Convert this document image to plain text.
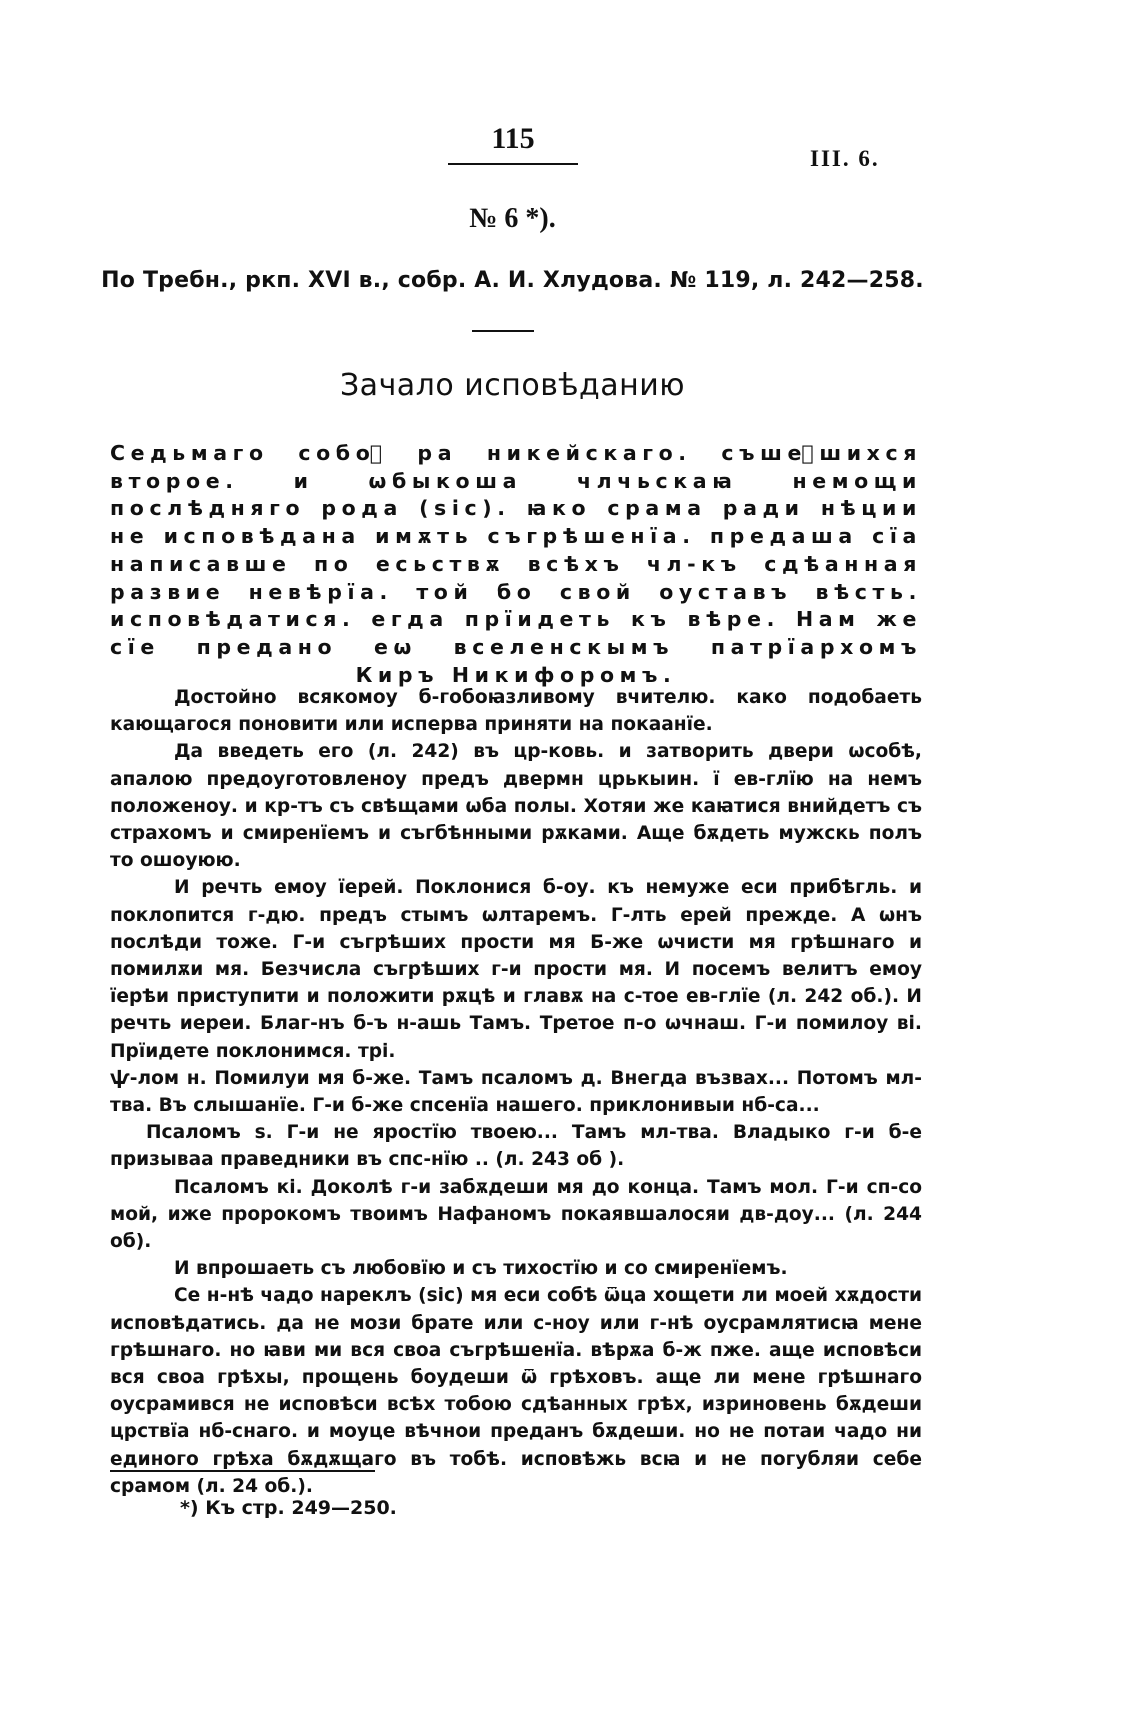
115
III. 6.
№ 6 *).
По Требн., ркп. XVI в., собр. А. И. Хлудова. № 119, л. 242—258.
Зачало исповѣданию
Седьмаго собоᷪ ра никейскаго. съшеⷣшихся второе. и ѡбыкоша члчьскаꙗ немощи послѣдняго рода (sic). ꙗко срама ради нѣции не исповѣдана имѫть съгрѣшенїа. предаша сїа написавше по есьствѫ всѣхъ чл-къ сдѣанная развие невѣрїа. той бо свой оуставъ вѣсть. исповѣдатися. егда прїидеть къ вѣре. Нам же сїе предано еѡ вселенскымъ патрїархомъ Киръ Никифоромъ.

Достойно всякомоу б-гобоꙗзливому вчителю. како подобаеть кающагося поновити или исперва приняти на покаанїе.

Да введеть его (л. 242) въ цр-ковь. и затворить двери ѡсобѣ, апалою предоуготовленоу предъ двермн црькыин. ї ев-глїю на немъ положеноу. и кр-тъ съ свѣщами ѡба полы. Хотяи же каꙗтися внийдетъ съ страхомъ и смиренїемъ и съгбѣнными рѫками. Аще бѫдеть мужскь полъ то ошоуюю.

И речть емоу їерей. Поклонися б-оу. къ немуже еси прибѣгль. и поклопится г-дю. предъ стымъ ѡлтаремъ. Г-лть ерей прежде. А ѡнъ послѣди тоже. Г-и съгрѣших прости мя Б-же ѡчисти мя грѣшнаго и помилѫи мя. Безчисла съгрѣших г-и прости мя. И посемъ велитъ емоу їерѣи приступити и положити рѫцѣ и главѫ на с-тое ев-глїе (л. 242 об.). И речть иереи. Благ-нъ б-ъ н-ашь Тамъ. Третое п-о ѡчнаш. Г-и помилоу ві. Прїидете поклонимся. трі.

ѱ-лом н. Помилуи мя б-же. Тамъ псаломъ д. Внегда възвах... Потомъ мл-тва. Въ слышанїе. Г-и б-же спсенїа нашего. приклонивыи нб-са...

Псаломъ ѕ. Г-и не яростїю твоею... Тамъ мл-тва. Владыко г-и б-е призываа праведники въ спс-нїю .. (л. 243 об ).

Псаломъ кі. Доколѣ г-и забѫдеши мя до конца. Тамъ мол. Г-и сп-со мой, иже пророкомъ твоимъ Нафаномъ покаявшалосяи дв-доу... (л. 244 об).

И впрошаеть съ любовїю и съ тихостїю и со смиренїемъ.

Се н-нѣ чадо нареклъ (sic) мя еси собѣ ѿца хощети ли моей хѫдости исповѣдатись. да не мози брате или с-ноу или г-нѣ оусрамлятисꙗ мене грѣшнаго. но ꙗви ми вся своа съгрѣшенїа. вѣрѫа б-ж пже. аще исповѣси вся своа грѣхы, прощень боудеши ѿ грѣховъ. аще ли мене грѣшнаго оусрамився не исповѣси всѣх тобою сдѣанных грѣх, изриновень бѫдеши црствїа нб-снаго. и моуце вѣчнои преданъ бѫдеши. но не потаи чадо ни единого грѣха бѫдѫщаго въ тобѣ. исповѣжь всꙗ и не погубляи себе срамом (л. 24 об.).

*) Къ стр. 249—250.
